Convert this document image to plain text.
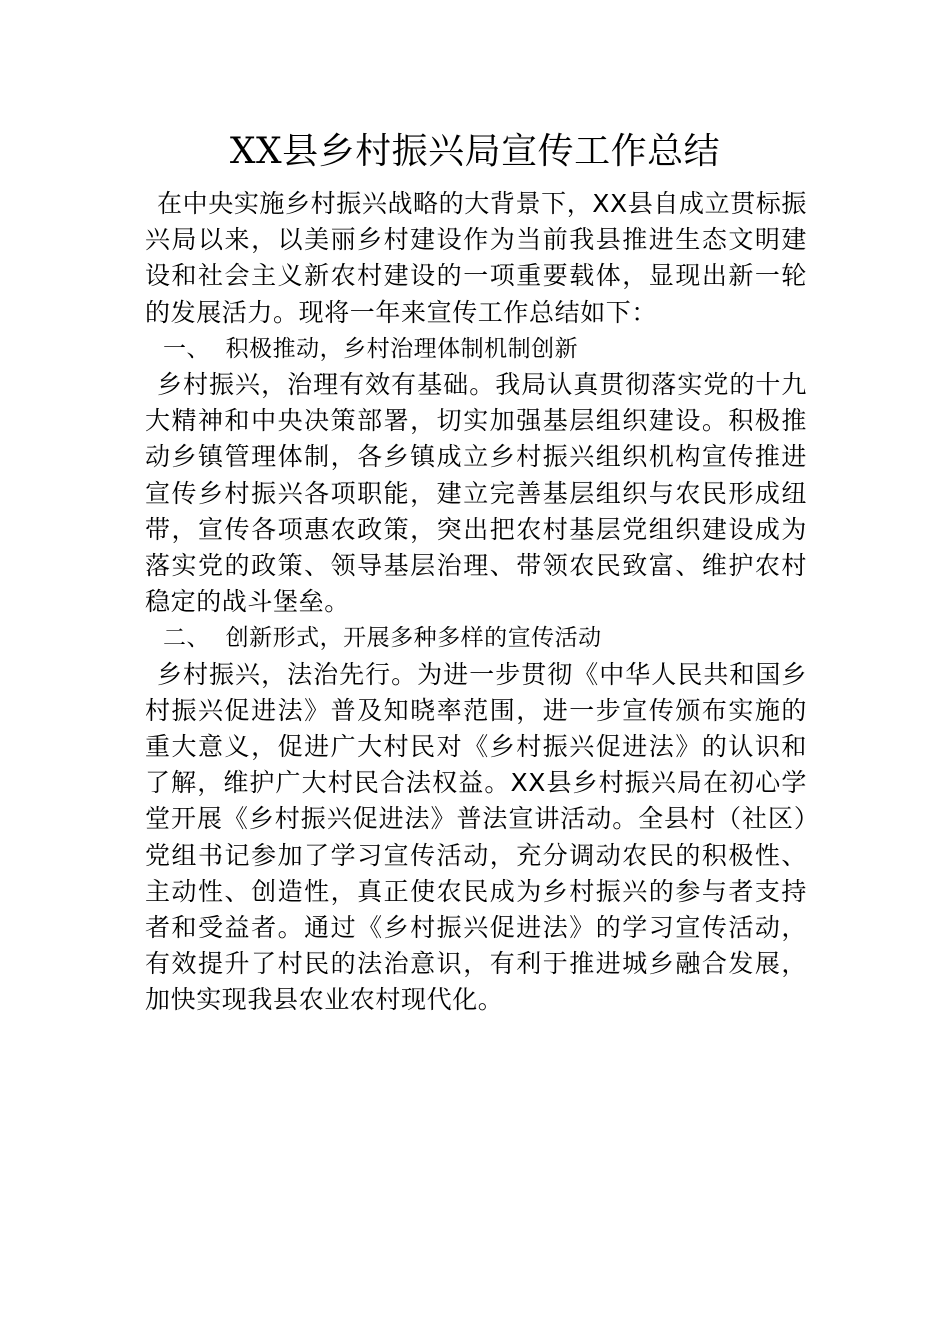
XX县乡村振兴局宣传工作总结

在中央实施乡村振兴战略的大背景下，XX县自成立贯标振兴局以来，以美丽乡村建设作为当前我县推进生态文明建设和社会主义新农村建设的一项重要载体，显现出新一轮的发展活力。现将一年来宣传工作总结如下：

一、  积极推动，乡村治理体制机制创新

乡村振兴，治理有效有基础。我局认真贯彻落实党的十九大精神和中央决策部署，切实加强基层组织建设。积极推动乡镇管理体制，各乡镇成立乡村振兴组织机构宣传推进宣传乡村振兴各项职能，建立完善基层组织与农民形成纽带，宣传各项惠农政策，突出把农村基层党组织建设成为落实党的政策、领导基层治理、带领农民致富、维护农村稳定的战斗堡垒。

二、  创新形式，开展多种多样的宣传活动

乡村振兴，法治先行。为进一步贯彻《中华人民共和国乡村振兴促进法》普及知晓率范围，进一步宣传颁布实施的重大意义，促进广大村民对《乡村振兴促进法》的认识和了解，维护广大村民合法权益。XX县乡村振兴局在初心学堂开展《乡村振兴促进法》普法宣讲活动。全县村（社区）党组书记参加了学习宣传活动，充分调动农民的积极性、主动性、创造性，真正使农民成为乡村振兴的参与者支持者和受益者。通过《乡村振兴促进法》的学习宣传活动，有效提升了村民的法治意识，有利于推进城乡融合发展，加快实现我县农业农村现代化。
